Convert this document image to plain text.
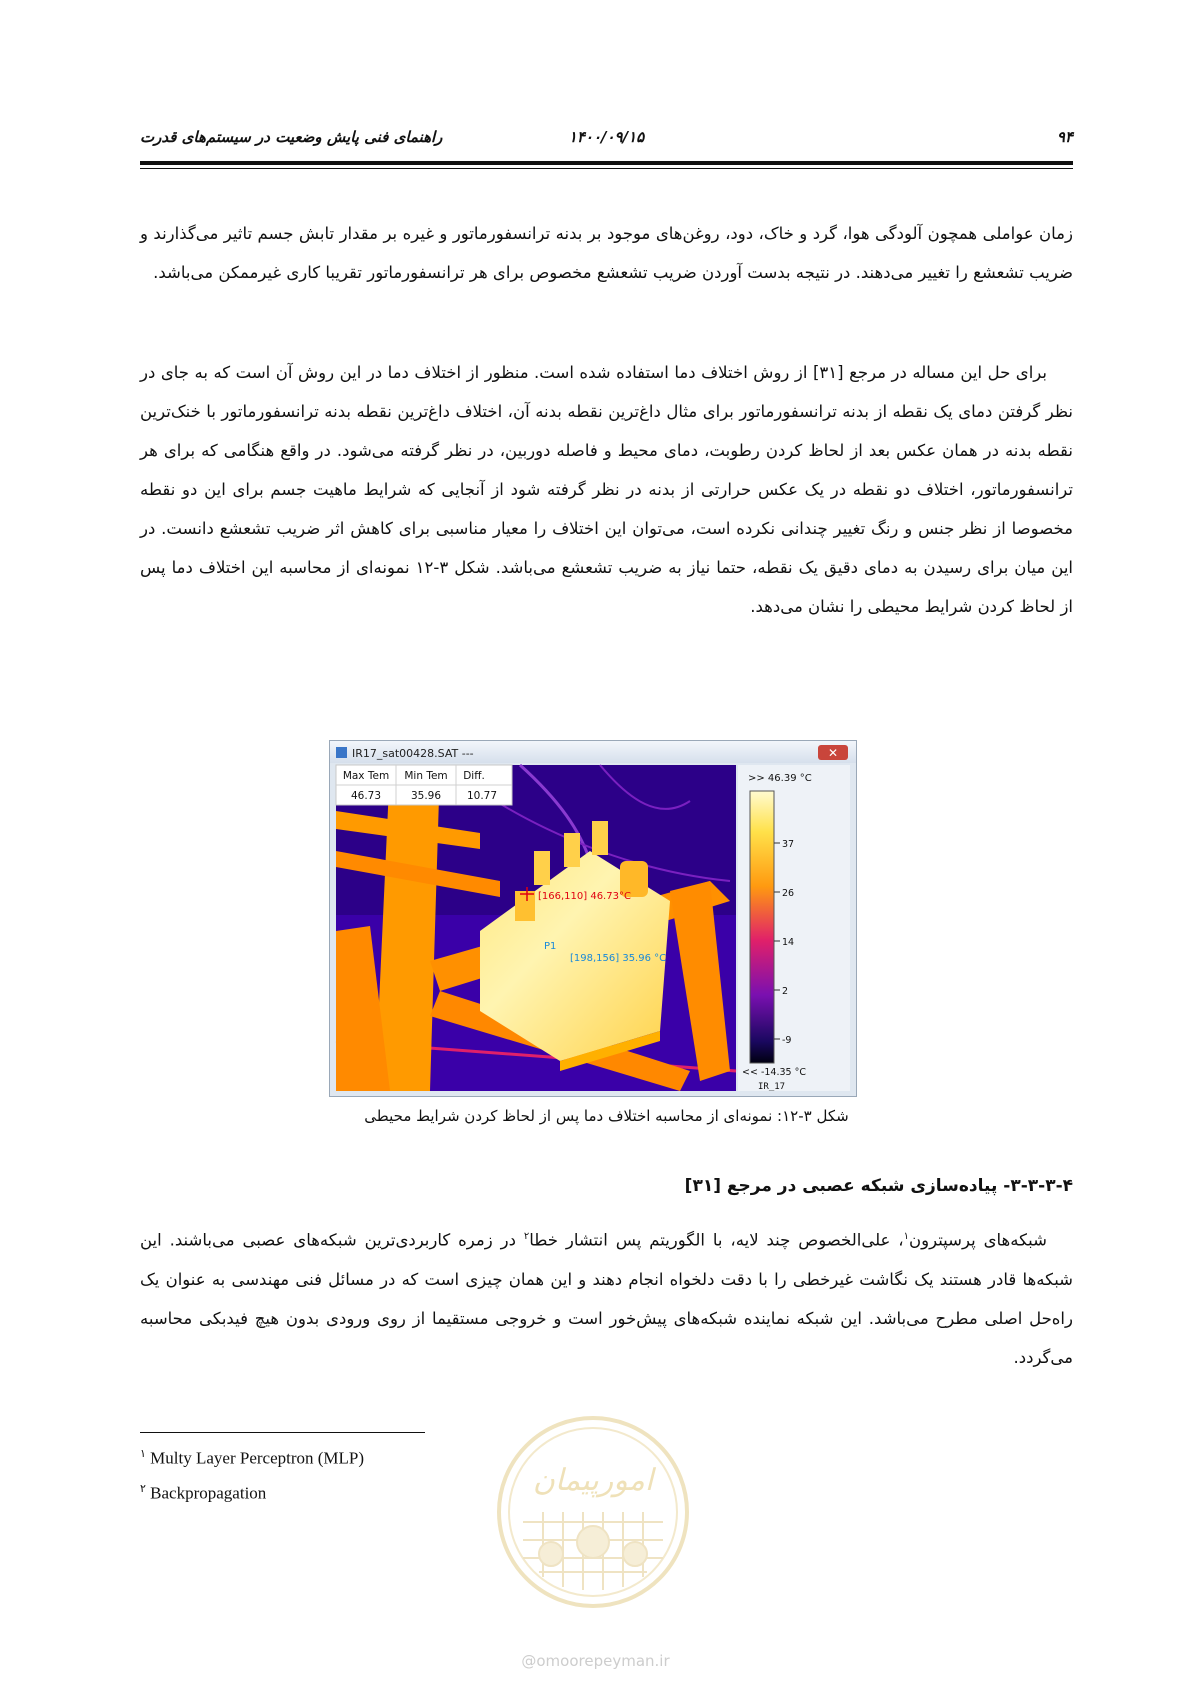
۹۴
۱۴۰۰/۰۹/۱۵
راهنمای فنی پایش وضعیت در سیستم‌های قدرت

زمان عواملی همچون آلودگی هوا، گرد و خاک، دود، روغن‌های موجود بر بدنه ترانسفورماتور و غیره بر مقدار تابش جسم تاثیر می‌گذارند و ضریب تشعشع را تغییر می‌دهند. در نتیجه بدست آوردن ضریب تشعشع مخصوص برای هر ترانسفورماتور تقریبا کاری غیرممکن می‌باشد.

برای حل این مساله در مرجع [۳۱] از روش اختلاف دما استفاده شده است. منظور از اختلاف دما در این روش آن است که به جای در نظر گرفتن دمای یک نقطه از بدنه ترانسفورماتور برای مثال داغ‌ترین نقطه بدنه آن، اختلاف داغ‌ترین نقطه بدنه ترانسفورماتور با خنک‌ترین نقطه بدنه در همان عکس بعد از لحاظ کردن رطوبت، دمای محیط و فاصله دوربین، در نظر گرفته می‌شود. در واقع هنگامی که برای هر ترانسفورماتور، اختلاف دو نقطه در یک عکس حرارتی از بدنه در نظر گرفته شود از آنجایی که شرایط ماهیت جسم برای این دو نقطه مخصوصا از نظر جنس و رنگ تغییر چندانی نکرده است، می‌توان این اختلاف را معیار مناسبی برای کاهش اثر ضریب تشعشع دانست. در این میان برای رسیدن به دمای دقیق یک نقطه، حتما نیاز به ضریب تشعشع می‌باشد. شکل ۳-۱۲ نمونه‌ای از محاسبه این اختلاف دما پس از لحاظ کردن شرایط محیطی را نشان می‌دهد.

IR17_sat00428.SAT ---	✕
[166,110] 46.73°C
P1
[198,156] 35.96 °C
Max Tem Min Tem Diff.
46.73	35.96 10.77
>> 46.39 °C
37
26
14
2
-9
<< -14.35 °C
IR_17
شکل ۳-۱۲: نمونه‌ای از محاسبه اختلاف دما پس از لحاظ کردن شرایط محیطی
۳-۳-۳-۴- پیاده‌سازی شبکه عصبی در مرجع [۳۱]

شبکه‌های پرسپترون$^۱$، علی‌الخصوص چند لایه، با الگوریتم پس انتشار خطا$^۲$ در زمره کاربردی‌ترین شبکه‌های عصبی می‌باشند. این شبکه‌ها قادر هستند یک نگاشت غیرخطی را با دقت دلخواه انجام دهند و این همان چیزی است که در مسائل فنی مهندسی به عنوان یک راه‌حل اصلی مطرح می‌باشد. این شبکه نماینده شبکه‌های پیش‌خور است و خروجی مستقیما از روی ورودی بدون هیچ فیدبکی محاسبه می‌گردد.

$^۱$ Multy Layer Perceptron (MLP)
$^۲$ Backpropagation	امورپیمان
@omoorepeyman.ir
